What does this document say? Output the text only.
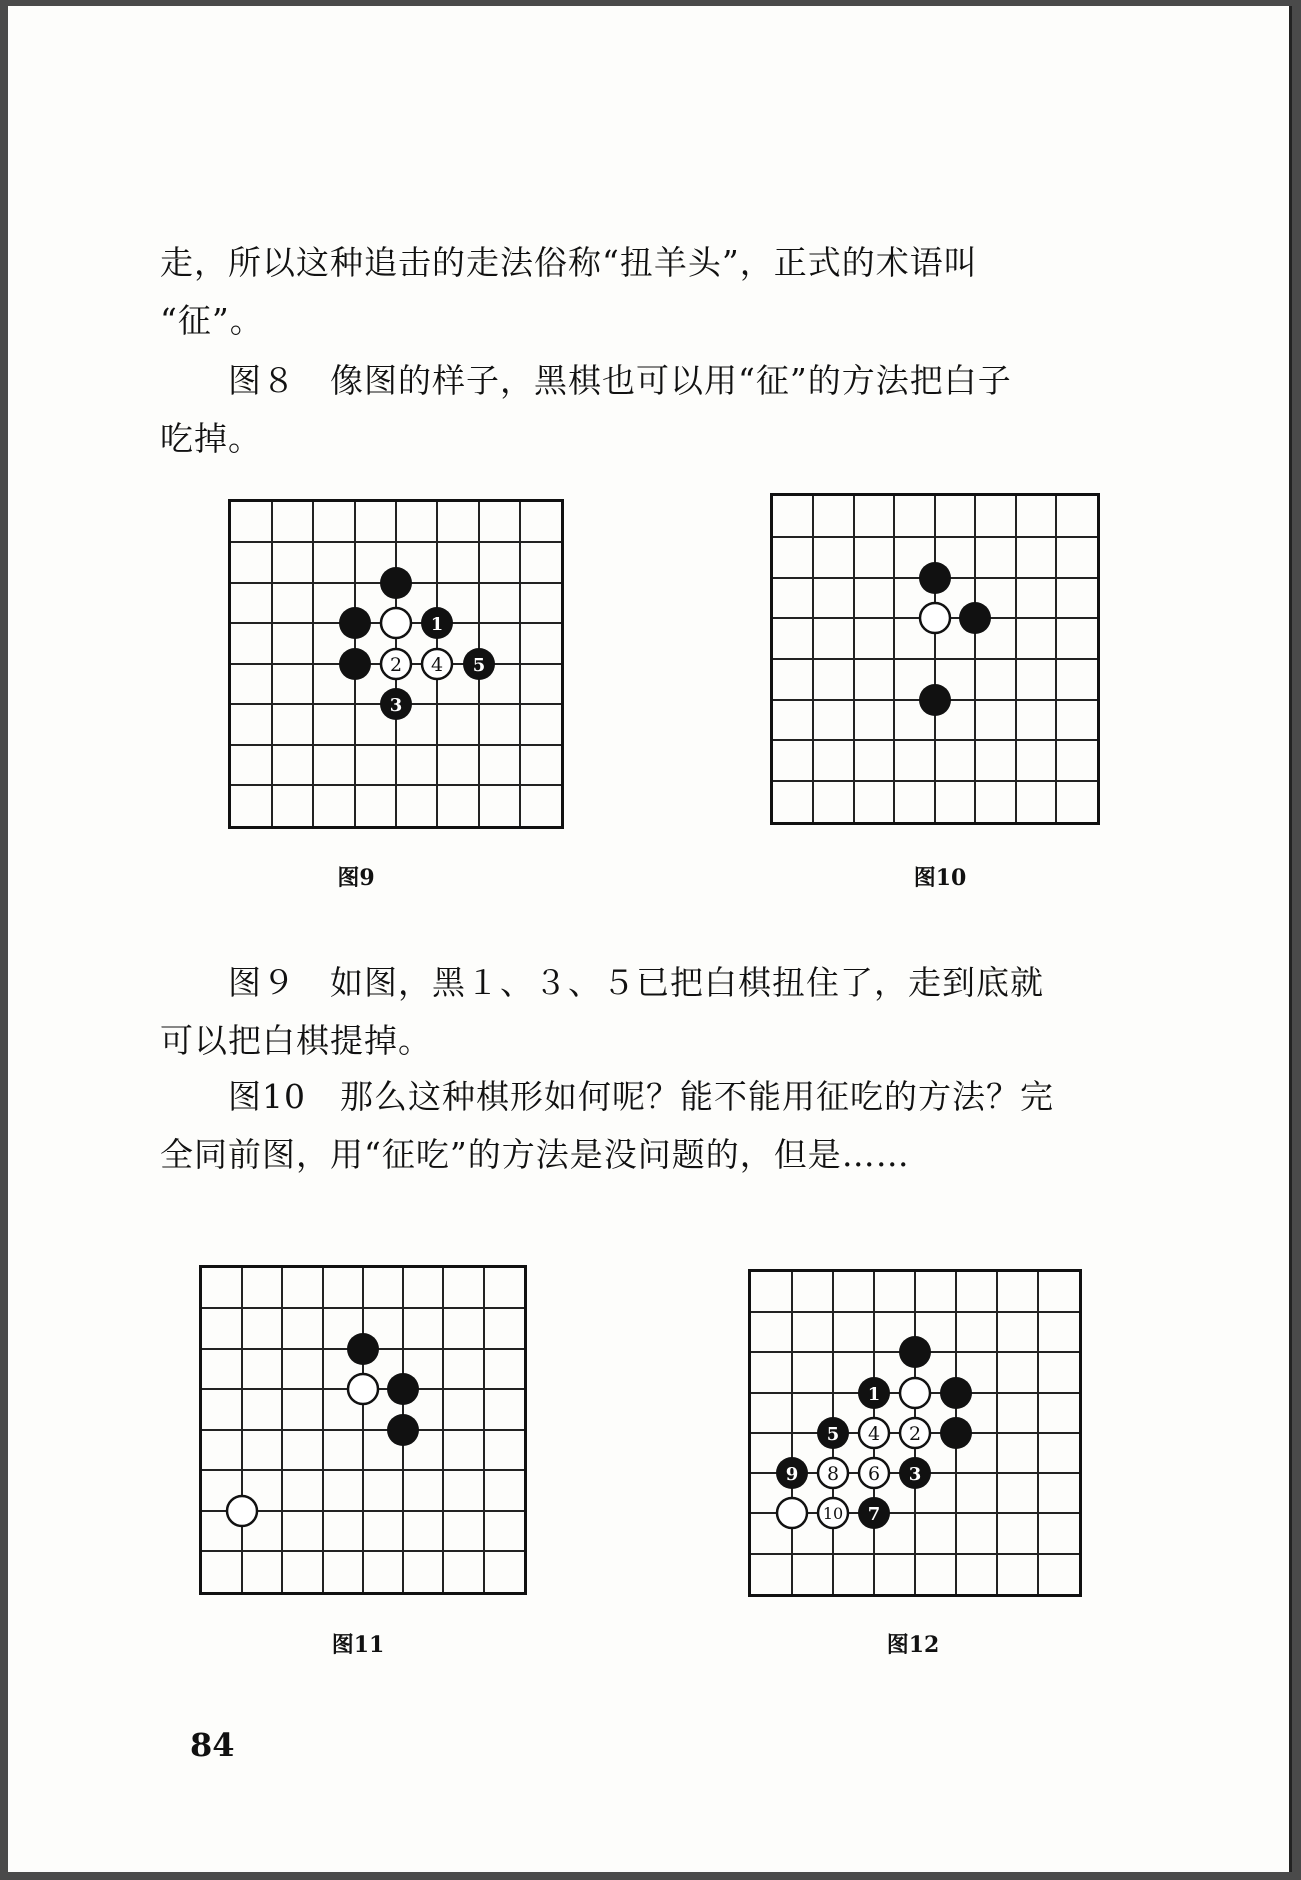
走，所以这种追击的走法俗称“扭羊头”，正式的术语叫
“征”。
　　图８　像图的样子，黑棋也可以用“征”的方法把白子
吃掉。
1
2 4 5
3
图9	图10
　　图９　如图，黑１、３、５已把白棋扭住了，走到底就
可以把白棋提掉。
　　图10　那么这种棋形如何呢？能不能用征吃的方法？完
全同前图，用“征吃”的方法是没问题的，但是……
图11
1
5 4 2
9 8 6 3
10 7
图12
84
